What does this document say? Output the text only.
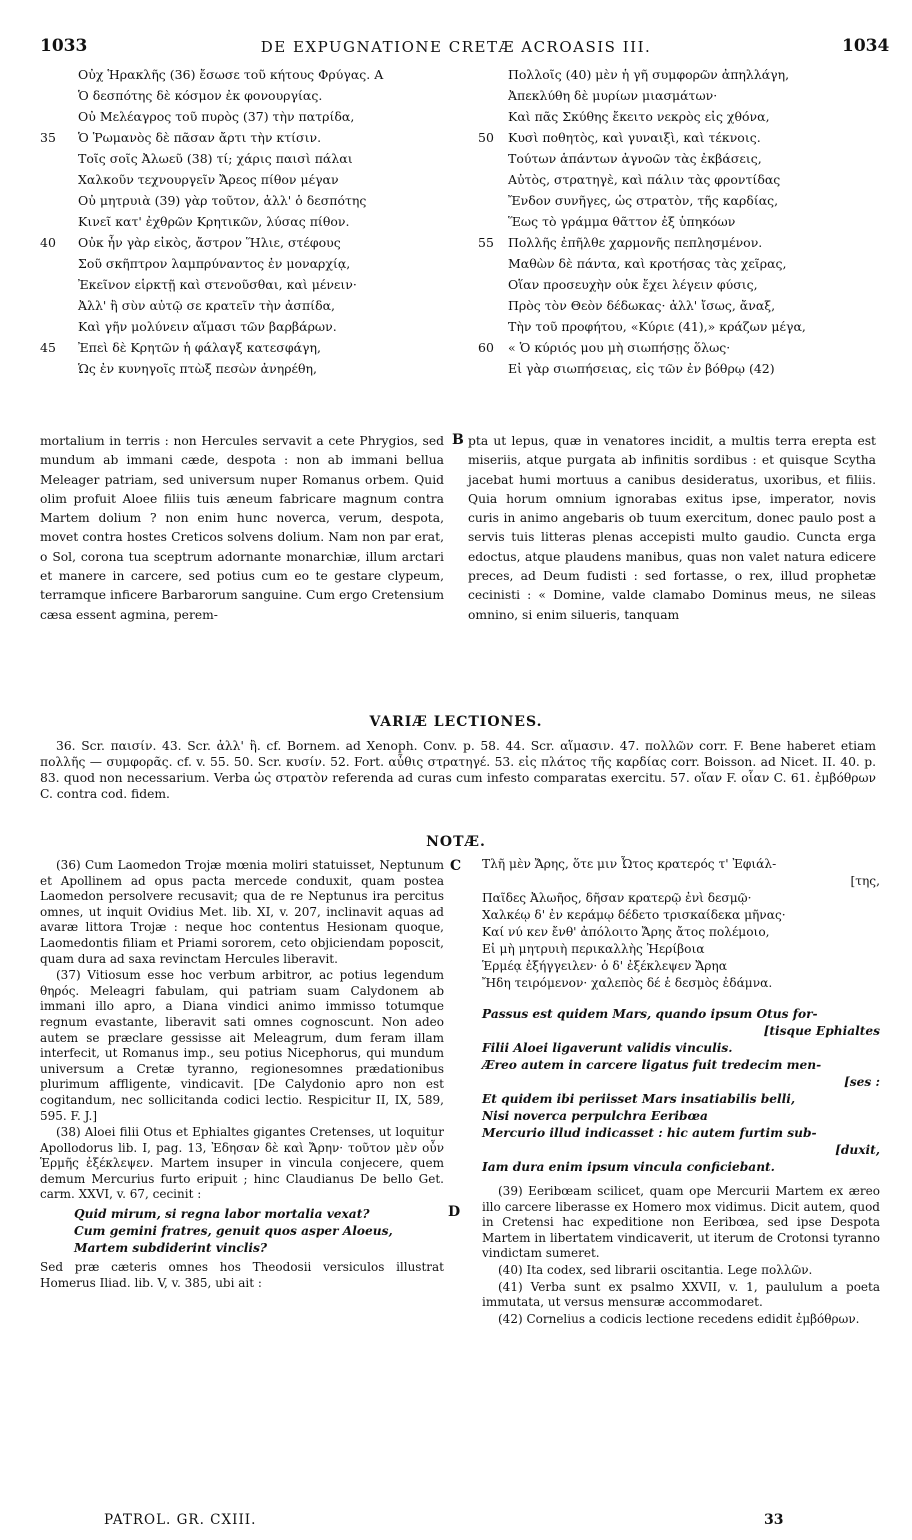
1033	DE EXPUGNATIONE CRETÆ ACROASIS III.	1034
Οὐχ Ἡρακλῆς (36) ἔσωσε τοῦ κήτους Φρύγας. A
Ὁ δεσπότης δὲ κόσμον ἐκ φονουργίας.
Οὐ Μελέαγρος τοῦ πυρὸς (37) τὴν πατρίδα,
35 Ὁ Ῥωμανὸς δὲ πᾶσαν ἄρτι τὴν κτίσιν.
Τοῖς σοῖς Ἀλωεῦ (38) τί; χάρις παισὶ πάλαι
Χαλκοῦν τεχνουργεῖν Ἄρεος πίθον μέγαν
Οὐ μητρυιὰ (39) γὰρ τοῦτον, ἀλλ' ὁ δεσπότης
Κινεῖ κατ' ἐχθρῶν Κρητικῶν, λύσας πίθον.
40 Οὐκ ἦν γὰρ εἰκὸς, ἄστρον Ἥλιε, στέφους
Σοῦ σκῆπτρον λαμπρύναντος ἐν μοναρχίᾳ,
Ἐκεῖνον εἱρκτῇ καὶ στενοῦσθαι, καὶ μένειν·
Ἀλλ' ἢ σὺν αὐτῷ σε κρατεῖν τὴν ἀσπίδα,
Καὶ γῆν μολύνειν αἵμασι τῶν βαρβάρων.
45 Ἐπεὶ δὲ Κρητῶν ἡ φάλαγξ κατεσφάγη,
Ὡς ἐν κυνηγοῖς πτὼξ πεσὼν ἀνηρέθη,
Πολλοῖς (40) μὲν ἡ γῆ συμφορῶν ἀπηλλάγη,
Ἀπεκλύθη δὲ μυρίων μιασμάτων·
Καὶ πᾶς Σκύθης ἔκειτο νεκρὸς εἰς χθόνα,
50 Κυσὶ ποθητὸς, καὶ γυναιξὶ, καὶ τέκνοις.
Τούτων ἁπάντων ἀγνοῶν τὰς ἐκβάσεις,
Αὐτὸς, στρατηγὲ, καὶ πάλιν τὰς φροντίδας
Ἔνδον συνῆγες, ὡς στρατὸν, τῆς καρδίας,
Ἕως τὸ γράμμα θᾶττον ἐξ ὑπηκόων
55 Πολλῆς ἐπῆλθε χαρμονῆς πεπλησμένον.
Μαθὼν δὲ πάντα, καὶ κροτήσας τὰς χεῖρας,
Οἵαν προσευχὴν οὐκ ἔχει λέγειν φύσις,
Πρὸς τὸν Θεὸν δέδωκας· ἀλλ' ἴσως, ἄναξ,
Τὴν τοῦ προφήτου, «Κύριε (41),» κράζων μέγα,
60 « Ὁ κύριός μου μὴ σιωπήσῃς ὅλως·
Εἰ γὰρ σιωπήσειας, εἰς τῶν ἐν βόθρῳ (42)

mortalium in terris : non Hercules servavit a cete Phrygios, sed mundum ab immani cæde, despota : non ab immani bellua Meleager patriam, sed universum nuper Romanus orbem. Quid olim profuit Aloee filiis tuis æneum fabricare magnum contra Martem dolium ? non enim hunc noverca, verum, despota, movet contra hostes Creticos solvens dolium. Nam non par erat, o Sol, corona tua sceptrum adornante monarchiæ, illum arctari et manere in carcere, sed potius cum eo te gestare clypeum, terramque inficere Barbarorum sanguine. Cum ergo Cretensium cæsa essent agmina, perem-

B pta ut lepus, quæ in venatores incidit, a multis terra erepta est miseriis, atque purgata ab infinitis sordibus : et quisque Scytha jacebat humi mortuus a canibus desideratus, uxoribus, et filiis. Quia horum omnium ignorabas exitus ipse, imperator, novis curis in animo angebaris ob tuum exercitum, donec paulo post a servis tuis litteras plenas accepisti multo gaudio. Cuncta erga edoctus, atque plaudens manibus, quas non valet natura edicere preces, ad Deum fudisti : sed fortasse, o rex, illud prophetæ cecinisti : « Domine, valde clamabo Dominus meus, ne sileas omnino, si enim silueris, tanquam

VARIÆ LECTIONES.
36. Scr. παισίν. 43. Scr. ἀλλ' ἢ. cf. Bornem. ad Xenoph. Conv. p. 58. 44. Scr. αἵμασιν. 47. πολλῶν corr. F. Bene haberet etiam πολλῆς — συμφορᾶς. cf. v. 55. 50. Scr. κυσίν. 52. Fort. αὖθις στρατηγέ. 53. εἰς πλάτος τῆς καρδίας corr. Boisson. ad Nicet. II. 40. p. 83. quod non necessarium. Verba ὡς στρατὸν referenda ad curas cum infesto comparatas exercitu. 57. οἵαν F. οἷαν C. 61. ἐμβόθρων C. contra cod. fidem.
NOTÆ.

(36) Cum Laomedon Trojæ mœnia moliri statuisset, Neptunum et Apollinem ad opus pacta mercede conduxit, quam postea Laomedon persolvere recusavit; qua de re Neptunus ira percitus omnes, ut inquit Ovidius Met. lib. XI, v. 207, inclinavit aquas ad avaræ littora Trojæ : neque hoc contentus Hesionam quoque, Laomedontis filiam et Priami sororem, ceto objiciendam poposcit, quam dura ad saxa revinctam Hercules liberavit.

(37) Vitiosum esse hoc verbum arbitror, ac potius legendum θηρός. Meleagri fabulam, qui patriam suam Calydonem ab immani illo apro, a Diana vindici animo immisso totumque regnum evastante, liberavit sati omnes cognoscunt. Non adeo autem se præclare gessisse ait Meleagrum, dum feram illam interfecit, ut Romanus imp., seu potius Nicephorus, qui mundum universum a Cretæ tyranno, regionesomnes prædationibus plurimum affligente, vindicavit. [De Calydonio apro non est cogitandum, nec sollicitanda codici lectio. Respicitur II, IX, 589, 595. F. J.]

(38) Aloei filii Otus et Ephialtes gigantes Cretenses, ut loquitur Apollodorus lib. I, pag. 13, Ἐδησαν δὲ καὶ Ἄρην· τοῦτον μὲν οὖν Ἑρμῆς ἐξέκλεψεν. Martem insuper in vincula conjecere, quem demum Mercurius furto eripuit ; hinc Claudianus De bello Get. carm. XXVI, v. 67, cecinit :

Quid mirum, si regna labor mortalia vexat?
Cum gemini fratres, genuit quos asper Aloeus,
Martem subdiderint vinclis?

Sed præ cæteris omnes hos Theodosii versiculos illustrat Homerus Iliad. lib. V, v. 385, ubi ait :

C
D
Τλῆ μὲν Ἄρης, ὅτε μιν Ὦτος κρατερός τ' Ἐφιάλ-
[της,
Παῖδες Ἀλωῆος, δῆσαν κρατερῷ ἐνὶ δεσμῷ·
Χαλκέῳ δ' ἐν κεράμῳ δέδετο τρισκαίδεκα μῆνας·
Καί νύ κεν ἔνθ' ἀπόλοιτο Ἄρης ἄτος πολέμοιο,
Εἰ μὴ μητρυιὴ περικαλλὴς Ἠερίβοια
Ἑρμέᾳ ἐξήγγειλεν· ὁ δ' ἐξέκλεψεν Ἄρηα
Ἤδη τειρόμενον· χαλεπὸς δέ ἑ δεσμὸς ἐδάμνα.
Passus est quidem Mars, quando ipsum Otus for-
[tisque Ephialtes
Filii Aloei ligaverunt validis vinculis.
Æreo autem in carcere ligatus fuit tredecim men-
[ses :
Et quidem ibi periisset Mars insatiabilis belli,
Nisi noverca perpulchra Eeribœa
Mercurio illud indicasset : hic autem furtim sub-
[duxit,
Iam dura enim ipsum vincula conficiebant.

(39) Eeribœam scilicet, quam ope Mercurii Martem ex æreo illo carcere liberasse ex Homero mox vidimus. Dicit autem, quod in Cretensi hac expeditione non Eeribœa, sed ipse Despota Martem in libertatem vindicaverit, ut iterum de Crotonsi tyranno vindictam sumeret.

(40) Ita codex, sed librarii oscitantia. Lege πολλῶν.

(41) Verba sunt ex psalmo XXVII, v. 1, paululum a poeta immutata, ut versus mensuræ accommodaret.

(42) Cornelius a codicis lectione recedens edidit ἐμβόθρων.

PATROL. GR. CXIII.	33
